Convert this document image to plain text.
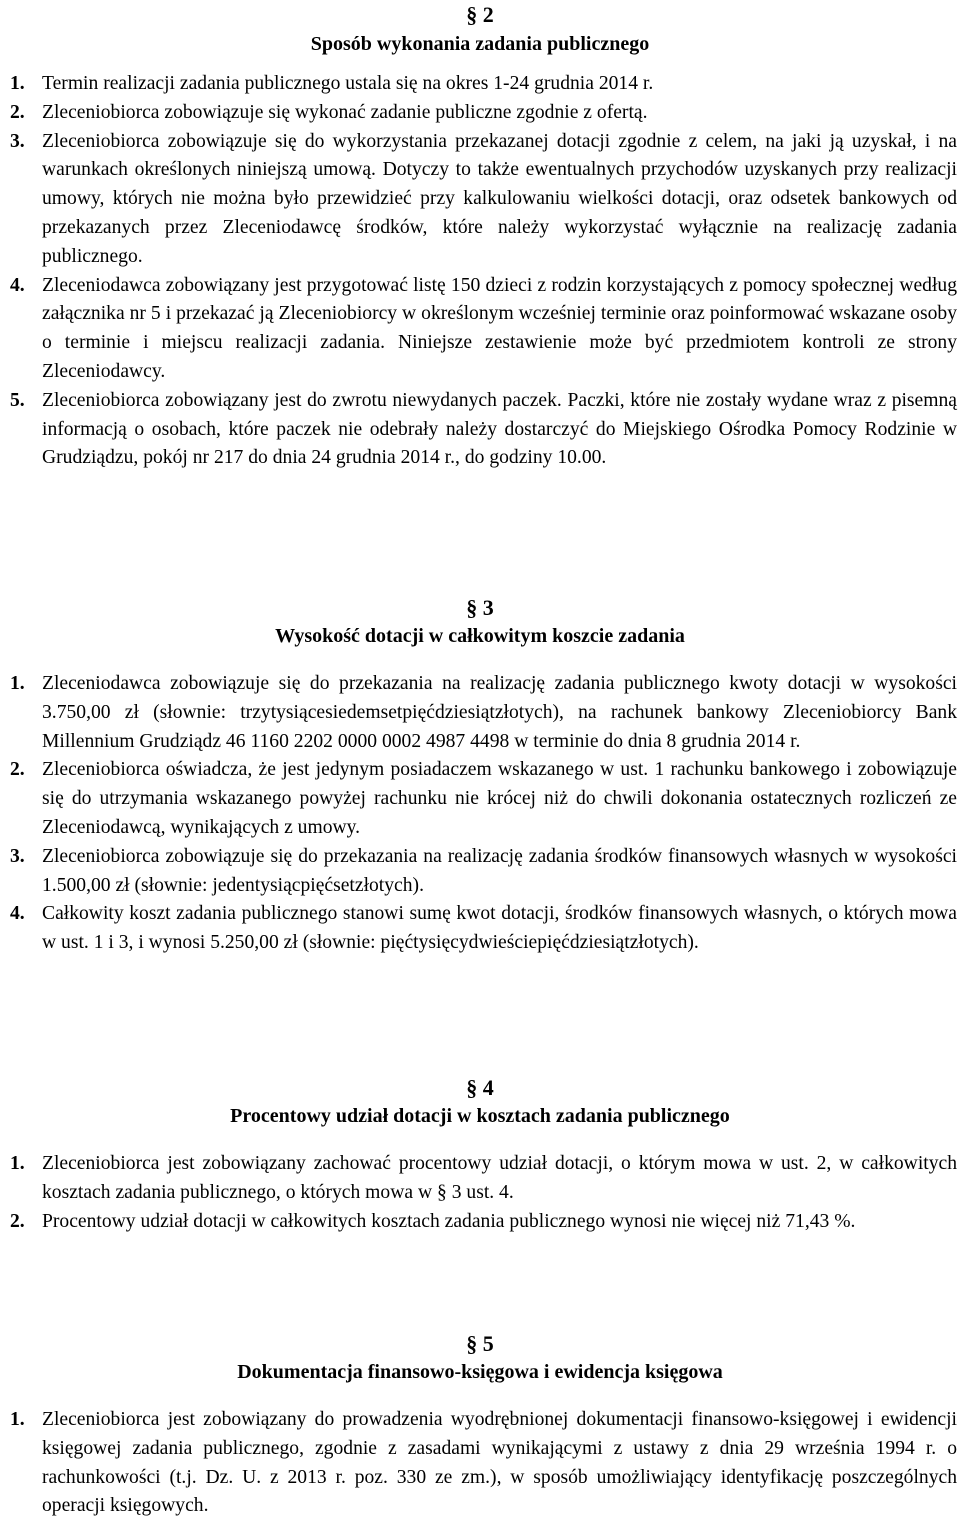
§ 2
Sposób wykonania zadania publicznego
1. Termin realizacji zadania publicznego ustala się na okres 1-24 grudnia 2014 r.

2. Zleceniobiorca zobowiązuje się wykonać zadanie publiczne zgodnie z ofertą.

3. Zleceniobiorca zobowiązuje się do wykorzystania przekazanej dotacji zgodnie z celem, na jaki ją uzyskał, i na warunkach określonych niniejszą umową. Dotyczy to także ewentualnych przychodów uzyskanych przy realizacji umowy, których nie można było przewidzieć przy kalkulowaniu wielkości dotacji, oraz odsetek bankowych od przekazanych przez Zleceniodawcę środków, które należy wykorzystać wyłącznie na realizację zadania publicznego.

4. Zleceniodawca zobowiązany jest przygotować listę 150 dzieci z rodzin korzystających z pomocy społecznej według załącznika nr 5 i przekazać ją Zleceniobiorcy w określonym wcześniej terminie oraz poinformować wskazane osoby o terminie i miejscu realizacji zadania. Niniejsze zestawienie może być przedmiotem kontroli ze strony Zleceniodawcy.

5. Zleceniobiorca zobowiązany jest do zwrotu niewydanych paczek. Paczki, które nie zostały wydane wraz z pisemną informacją o osobach, które paczek nie odebrały należy dostarczyć do Miejskiego Ośrodka Pomocy Rodzinie w Grudziądzu, pokój nr 217 do dnia 24 grudnia 2014 r., do godziny 10.00.

§ 3
Wysokość dotacji w całkowitym koszcie zadania
1. Zleceniodawca zobowiązuje się do przekazania na realizację zadania publicznego kwoty dotacji w wysokości 3.750,00 zł (słownie: trzytysiącesiedemsetpięćdziesiątzłotych), na rachunek bankowy Zleceniobiorcy Bank Millennium Grudziądz 46 1160 2202 0000 0002 4987 4498 w terminie do dnia 8 grudnia 2014 r.

2. Zleceniobiorca oświadcza, że jest jedynym posiadaczem wskazanego w ust. 1 rachunku bankowego i zobowiązuje się do utrzymania wskazanego powyżej rachunku nie krócej niż do chwili dokonania ostatecznych rozliczeń ze Zleceniodawcą, wynikających z umowy.

3. Zleceniobiorca zobowiązuje się do przekazania na realizację zadania środków finansowych własnych w wysokości 1.500,00 zł (słownie: jedentysiącpięćsetzłotych).

4. Całkowity koszt zadania publicznego stanowi sumę kwot dotacji, środków finansowych własnych, o których mowa w ust. 1 i 3, i wynosi 5.250,00 zł (słownie: pięćtysięcydwieściepięćdziesiątzłotych).

§ 4
Procentowy udział dotacji w kosztach zadania publicznego
1. Zleceniobiorca jest zobowiązany zachować procentowy udział dotacji, o którym mowa w ust. 2, w całkowitych kosztach zadania publicznego, o których mowa w § 3 ust. 4.

2. Procentowy udział dotacji w całkowitych kosztach zadania publicznego wynosi nie więcej niż 71,43 %.

§ 5
Dokumentacja finansowo-księgowa i ewidencja księgowa
1. Zleceniobiorca jest zobowiązany do prowadzenia wyodrębnionej dokumentacji finansowo-księgowej i ewidencji księgowej zadania publicznego, zgodnie z zasadami wynikającymi z ustawy z dnia 29 września 1994 r. o rachunkowości (t.j. Dz. U. z 2013 r. poz. 330 ze zm.), w sposób umożliwiający identyfikację poszczególnych operacji księgowych.
